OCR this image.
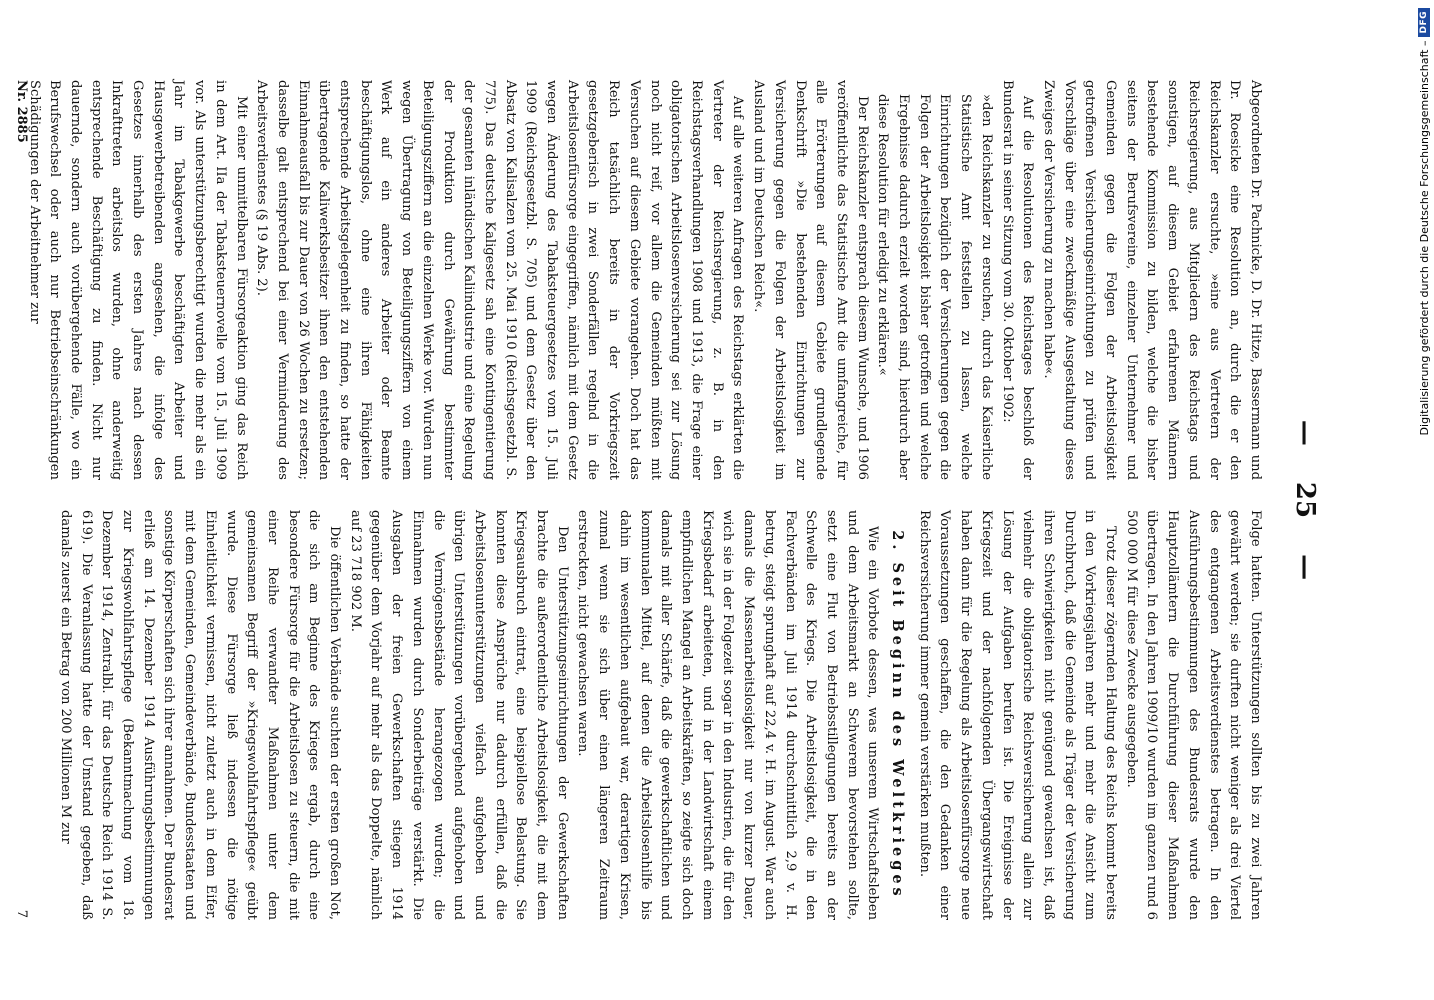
Digitalisierung gefördert durch die Deutsche Forschungsgemeinschaft –
DFG
—
25
—

Abgeordneten Dr. Pachnicke, D. Dr. Hitze, Bassermann und Dr. Roesicke eine Resolution an, durch die er den Reichskanzler ersuchte, »eine aus Vertretern der Reichsregierung, aus Mitgliedern des Reichstags und sonstigen, auf diesem Gebiet erfahrenen Männern bestehende Kommission zu bilden, welche die bisher seitens der Berufsvereine, einzelner Unternehmer und Gemeinden gegen die Folgen der Arbeitslosigkeit getroffenen Versicherungseinrichtungen zu prüfen und Vorschläge über eine zweckmäßige Ausgestaltung dieses Zweiges der Versicherung zu machen habe«.

Auf die Resolutionen des Reichstages beschloß der Bundesrat in seiner Sitzung vom 30. Oktober 1902:

»den Reichskanzler zu ersuchen, durch das Kaiserliche Statistische Amt feststellen zu lassen, welche Einrichtungen bezüglich der Versicherungen gegen die Folgen der Arbeitslosigkeit bisher getroffen und welche Ergebnisse dadurch erzielt worden sind, hierdurch aber diese Resolution für erledigt zu erklären.«

Der Reichskanzler entsprach diesem Wunsche, und 1906 veröffentlichte das Statistische Amt die umfangreiche, für alle Erörterungen auf diesem Gebiete grundlegende Denkschrift »Die bestehenden Einrichtungen zur Versicherung gegen die Folgen der Arbeitslosigkeit im Ausland und im Deutschen Reich«.

Auf alle weiteren Anfragen des Reichstags erklärten die Vertreter der Reichsregierung, z. B. in den Reichstagsverhandlungen 1908 und 1913, die Frage einer obligatorischen Arbeitslosenversicherung sei zur Lösung noch nicht reif, vor allem die Gemeinden müßten mit Versuchen auf diesem Gebiete vorangehen. Doch hat das Reich tatsächlich bereits in der Vorkriegszeit gesetzgeberisch in zwei Sonderfällen regelnd in die Arbeitslosenfürsorge eingegriffen, nämlich mit dem Gesetz wegen Änderung des Tabaksteuergesetzes vom 15. Juli 1909 (Reichsgesetzbl. S. 705) und dem Gesetz über den Absatz von Kalisalzen vom 25. Mai 1910 (Reichsgesetzbl. S. 775). Das deutsche Kaligesetz sah eine Kontingentierung der gesamten inländischen Kaliindustrie und eine Regelung der Produktion durch Gewährung bestimmter Beteiligungsziffern an die einzelnen Werke vor. Wurden nun wegen Übertragung von Beteiligungsziffern von einem Werk auf ein anderes Arbeiter oder Beamte beschäftigungslos, ohne eine ihren Fähigkeiten entsprechende Arbeitsgelegenheit zu finden, so hatte der übertragende Kaliwerksbesitzer ihnen den entstehenden Einnahmeausfall bis zur Dauer von 26 Wochen zu ersetzen; dasselbe galt entsprechend bei einer Verminderung des Arbeitsverdienstes (§ 19 Abs. 2).

Mit einer unmittelbaren Fürsorgeaktion ging das Reich in dem Art. IIa der Tabaksteuernovelle vom 15. Juli 1909 vor. Als unterstützungsberechtigt wurden die mehr als ein Jahr im Tabakgewerbe beschäftigten Arbeiter und Hausgewerbetreibenden angesehen, die infolge des Gesetzes innerhalb des ersten Jahres nach dessen Inkrafttreten arbeitslos wurden, ohne anderweitig entsprechende Beschäftigung zu finden. Nicht nur dauernde, sondern auch vorübergehende Fälle, wo ein Berufswechsel oder auch nur Betriebseinschränkungen Schädigungen der Arbeitnehmer zur

Folge hatten. Unterstützungen sollten bis zu zwei Jahren gewährt werden; sie durften nicht weniger als drei Viertel des entgangenen Arbeitsverdienstes betragen. In den Ausführungsbestimmungen des Bundesrats wurde den Hauptzollämtern die Durchführung dieser Maßnahmen übertragen. In den Jahren 1909/10 wurden im ganzen rund 6 500 000 M für diese Zwecke ausgegeben.

Trotz dieser zögernden Haltung des Reichs kommt bereits in den Vorkriegsjahren mehr und mehr die Ansicht zum Durchbruch, daß die Gemeinde als Träger der Versicherung ihren Schwierigkeiten nicht genügend gewachsen ist, daß vielmehr die obligatorische Reichsversicherung allein zur Lösung der Aufgaben berufen ist. Die Ereignisse der Kriegszeit und der nachfolgenden Übergangswirtschaft haben dann für die Regelung als Arbeitslosenfürsorge neue Voraussetzungen geschaffen, die den Gedanken einer Reichsversicherung immer gemein verstärken mußten.

2. Seit Beginn des Weltkrieges

Wie ein Vorbote dessen, was unserem Wirtschaftsleben und dem Arbeitsmarkt an Schwerem bevorstehen sollte, setzt eine Flut von Betriebsstillegungen bereits an der Schwelle des Kriegs. Die Arbeitslosigkeit, die in den Fachverbänden im Juli 1914 durchschnittlich 2,9 v. H. betrug, steigt sprunghaft auf 22,4 v. H. im August. War auch damals die Massenarbeitslosigkeit nur von kurzer Dauer, wich sie in der Folgezeit sogar in den Industrien, die für den Kriegsbedarf arbeiteten, und in der Landwirtschaft einem empfindlichen Mangel an Arbeitskräften, so zeigte sich doch damals mit aller Schärfe, daß die gewerkschaftlichen und kommunalen Mittel, auf denen die Arbeitslosenhilfe bis dahin im wesentlichen aufgebaut war, derartigen Krisen, zumal wenn sie sich über einen längeren Zeitraum erstreckten, nicht gewachsen waren.

Den Unterstützungseinrichtungen der Gewerkschaften brachte die außerordentliche Arbeitslosigkeit, die mit dem Kriegsausbruch eintrat, eine beispiellose Belastung. Sie konnten diese Ansprüche nur dadurch erfüllen, daß die Arbeitslosenunterstützungen vielfach aufgehoben und übrigen Unterstützungen vorübergehend aufgehoben und die Vermögensbestände herangezogen wurden; die Einnahmen wurden durch Sonderbeiträge verstärkt. Die Ausgaben der freien Gewerkschaften stiegen 1914 gegenüber dem Vorjahr auf mehr als das Doppelte, nämlich auf 23 718 902 M.

Die öffentlichen Verbände suchten der ersten großen Not, die sich am Beginne des Krieges ergab, durch eine besondere Fürsorge für die Arbeitslosen zu steuern, die mit einer Reihe verwandter Maßnahmen unter dem gemeinsamen Begriff der »Kriegswohlfahrtspflege« geübt wurde. Diese Fürsorge ließ indessen die nötige Einheitlichkeit vermissen, nicht zuletzt auch in dem Eifer, mit dem Gemeinden, Gemeindeverbände, Bundesstaaten und sonstige Körperschaften sich ihrer annahmen. Der Bundesrat erließ am 14. Dezember 1914 Ausführungsbestimmungen zur Kriegswohlfahrtspflege (Bekanntmachung vom 18. Dezember 1914, Zentralbl. für das Deutsche Reich 1914 S. 619). Die Veranlassung hatte der Umstand gegeben, daß damals zuerst ein Betrag von 200 Millionen M zur

Nr. 2885
7
